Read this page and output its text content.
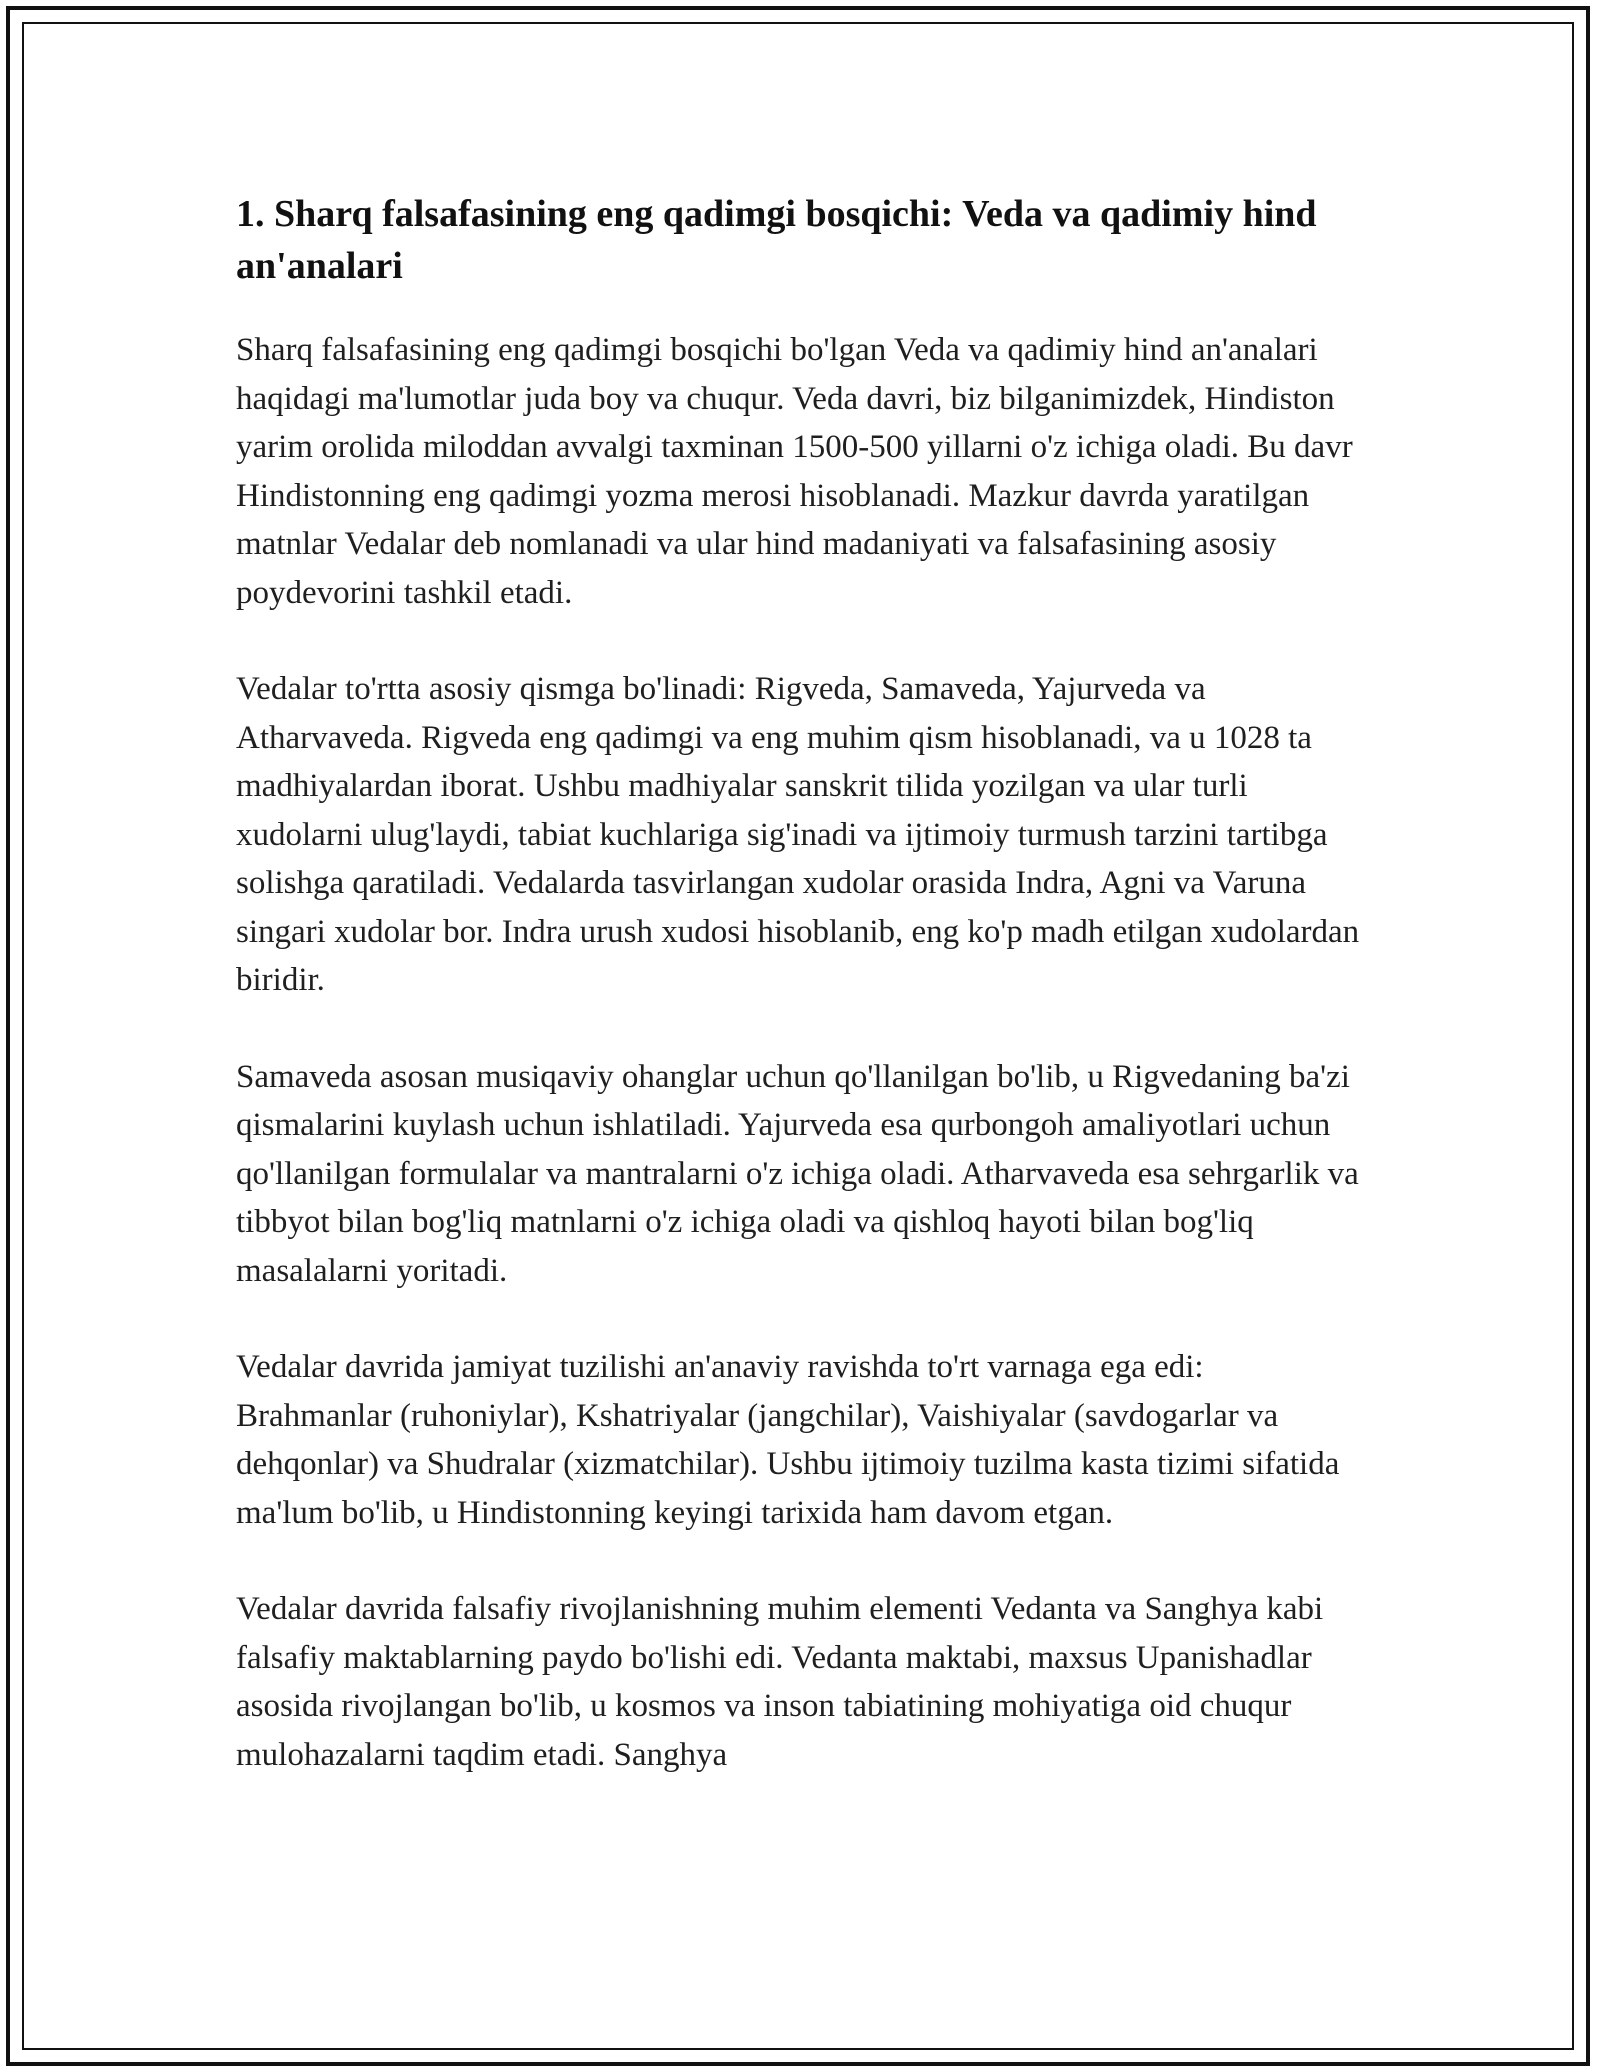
1. Sharq falsafasining eng qadimgi bosqichi: Veda va qadimiy hind an'analari

Sharq falsafasining eng qadimgi bosqichi bo'lgan Veda va qadimiy hind an'analari haqidagi ma'lumotlar juda boy va chuqur. Veda davri, biz bilganimizdek, Hindiston yarim orolida miloddan avvalgi taxminan 1500-500 yillarni o'z ichiga oladi. Bu davr Hindistonning eng qadimgi yozma merosi hisoblanadi. Mazkur davrda yaratilgan matnlar Vedalar deb nomlanadi va ular hind madaniyati va falsafasining asosiy poydevorini tashkil etadi.

Vedalar to'rtta asosiy qismga bo'linadi: Rigveda, Samaveda, Yajurveda va Atharvaveda. Rigveda eng qadimgi va eng muhim qism hisoblanadi, va u 1028 ta madhiyalardan iborat. Ushbu madhiyalar sanskrit tilida yozilgan va ular turli xudolarni ulug'laydi, tabiat kuchlariga sig'inadi va ijtimoiy turmush tarzini tartibga solishga qaratiladi. Vedalarda tasvirlangan xudolar orasida Indra, Agni va Varuna singari xudolar bor. Indra urush xudosi hisoblanib, eng ko'p madh etilgan xudolardan biridir.

Samaveda asosan musiqaviy ohanglar uchun qo'llanilgan bo'lib, u Rigvedaning ba'zi qismalarini kuylash uchun ishlatiladi. Yajurveda esa qurbongoh amaliyotlari uchun qo'llanilgan formulalar va mantralarni o'z ichiga oladi. Atharvaveda esa sehrgarlik va tibbyot bilan bog'liq matnlarni o'z ichiga oladi va qishloq hayoti bilan bog'liq masalalarni yoritadi.

Vedalar davrida jamiyat tuzilishi an'anaviy ravishda to'rt varnaga ega edi: Brahmanlar (ruhoniylar), Kshatriyalar (jangchilar), Vaishiyalar (savdogarlar va dehqonlar) va Shudralar (xizmatchilar). Ushbu ijtimoiy tuzilma kasta tizimi sifatida ma'lum bo'lib, u Hindistonning keyingi tarixida ham davom etgan.

Vedalar davrida falsafiy rivojlanishning muhim elementi Vedanta va Sanghya kabi falsafiy maktablarning paydo bo'lishi edi. Vedanta maktabi, maxsus Upanishadlar asosida rivojlangan bo'lib, u kosmos va inson tabiatining mohiyatiga oid chuqur mulohazalarni taqdim etadi. Sanghya
